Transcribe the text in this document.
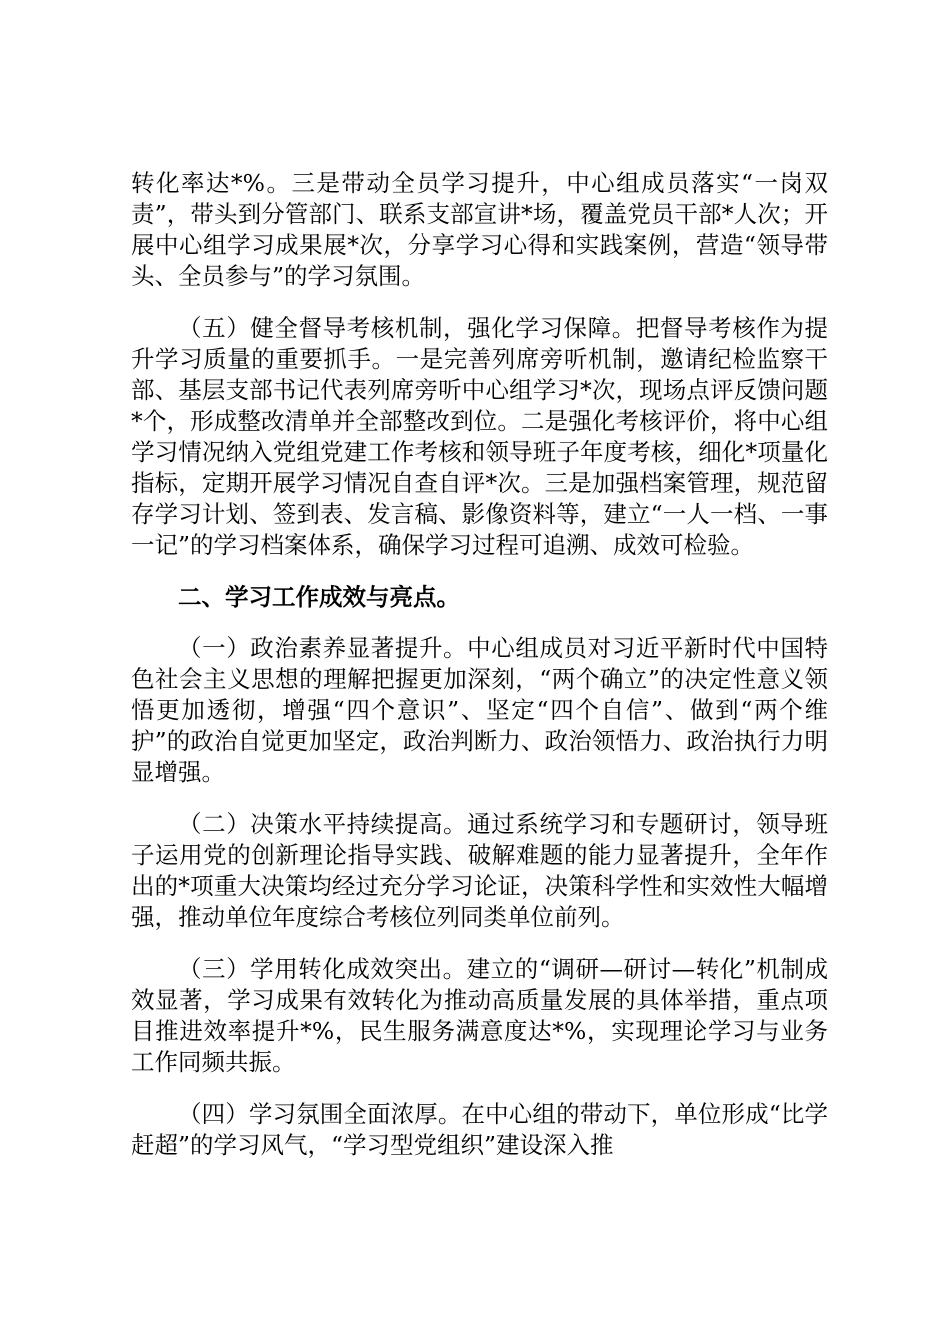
转化率达*%。三是带动全员学习提升，中心组成员落实“一岗双责”，带头到分管部门、联系支部宣讲*场，覆盖党员干部*人次；开展中心组学习成果展*次，分享学习心得和实践案例，营造“领导带头、全员参与”的学习氛围。

（五）健全督导考核机制，强化学习保障。把督导考核作为提升学习质量的重要抓手。一是完善列席旁听机制，邀请纪检监察干部、基层支部书记代表列席旁听中心组学习*次，现场点评反馈问题*个，形成整改清单并全部整改到位。二是强化考核评价，将中心组学习情况纳入党组党建工作考核和领导班子年度考核，细化*项量化指标，定期开展学习情况自查自评*次。三是加强档案管理，规范留存学习计划、签到表、发言稿、影像资料等，建立“一人一档、一事一记”的学习档案体系，确保学习过程可追溯、成效可检验。

二、学习工作成效与亮点。

（一）政治素养显著提升。中心组成员对习近平新时代中国特色社会主义思想的理解把握更加深刻，“两个确立”的决定性意义领悟更加透彻，增强“四个意识”、坚定“四个自信”、做到“两个维护”的政治自觉更加坚定，政治判断力、政治领悟力、政治执行力明显增强。

（二）决策水平持续提高。通过系统学习和专题研讨，领导班子运用党的创新理论指导实践、破解难题的能力显著提升，全年作出的*项重大决策均经过充分学习论证，决策科学性和实效性大幅增强，推动单位年度综合考核位列同类单位前列。

（三）学用转化成效突出。建立的“调研—研讨—转化”机制成效显著，学习成果有效转化为推动高质量发展的具体举措，重点项目推进效率提升*%，民生服务满意度达*%，实现理论学习与业务工作同频共振。

（四）学习氛围全面浓厚。在中心组的带动下，单位形成“比学赶超”的学习风气，“学习型党组织”建设深入推
